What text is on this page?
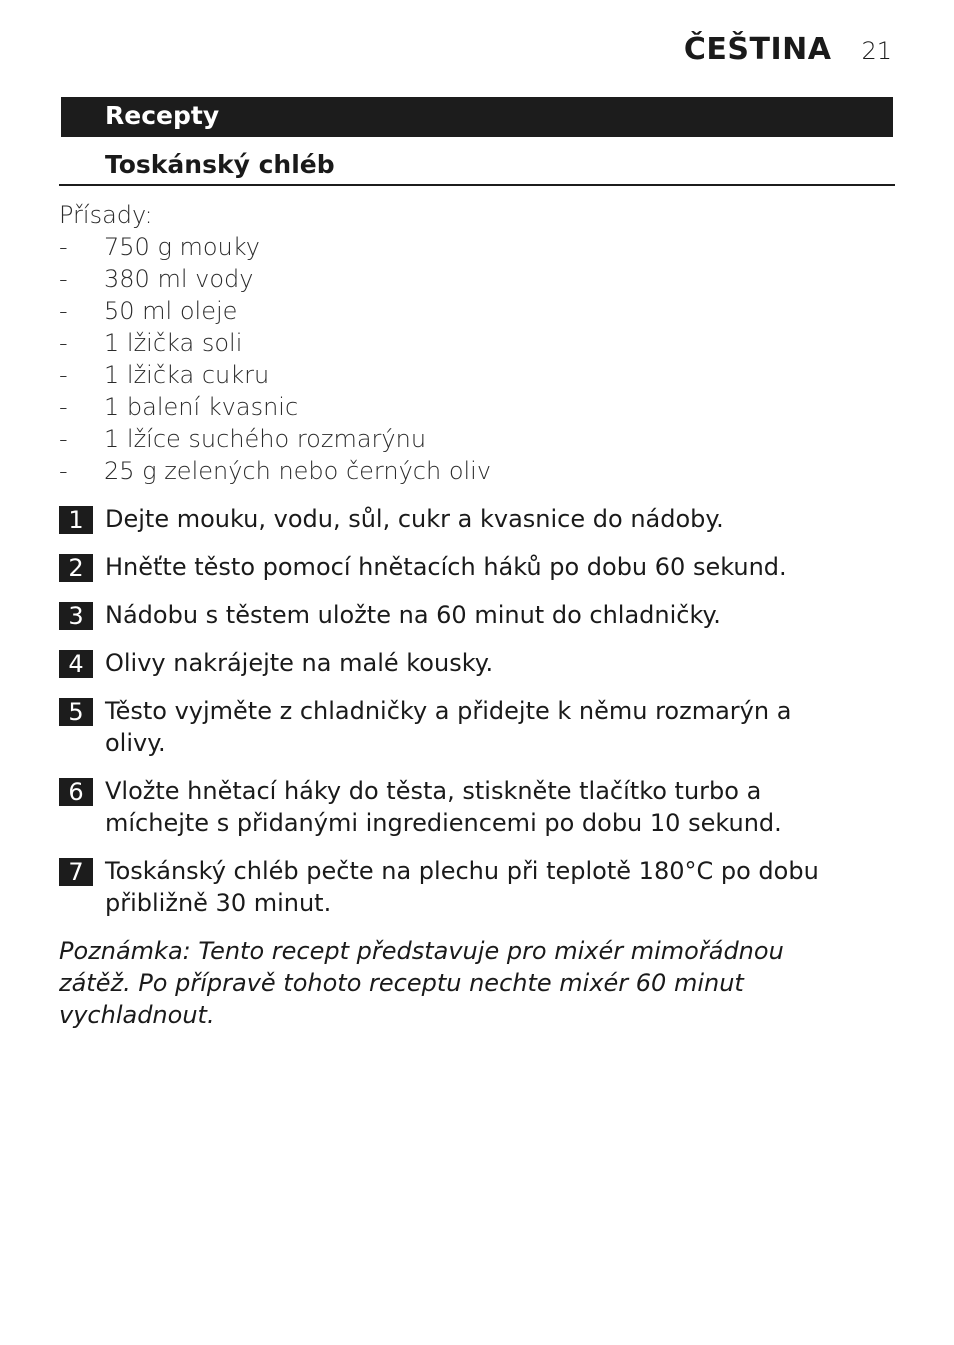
ČEŠTINA 21
Recepty
Toskánský chléb
Přísady:
-	750 g mouky
-	380 ml vody
-	50 ml oleje
-	1 lžička soli
-	1 lžička cukru
-	1 balení kvasnic
-	1 lžíce suchého rozmarýnu
-	25 g zelených nebo černých oliv
1 Dejte mouku, vodu, sůl, cukr a kvasnice do nádoby.
2 Hněťte těsto pomocí hnětacích háků po dobu 60 sekund.
3 Nádobu s těstem uložte na 60 minut do chladničky.
4 Olivy nakrájejte na malé kousky.
5 Těsto vyjměte z chladničky a přidejte k němu rozmarýn a olivy.
6 Vložte hnětací háky do těsta, stiskněte tlačítko turbo a míchejte s přidanými ingrediencemi po dobu 10 sekund.
7 Toskánský chléb pečte na plechu při teplotě 180°C po dobu přibližně 30 minut.
Poznámka: Tento recept představuje pro mixér mimořádnou zátěž. Po přípravě tohoto receptu nechte mixér 60 minut vychladnout.
